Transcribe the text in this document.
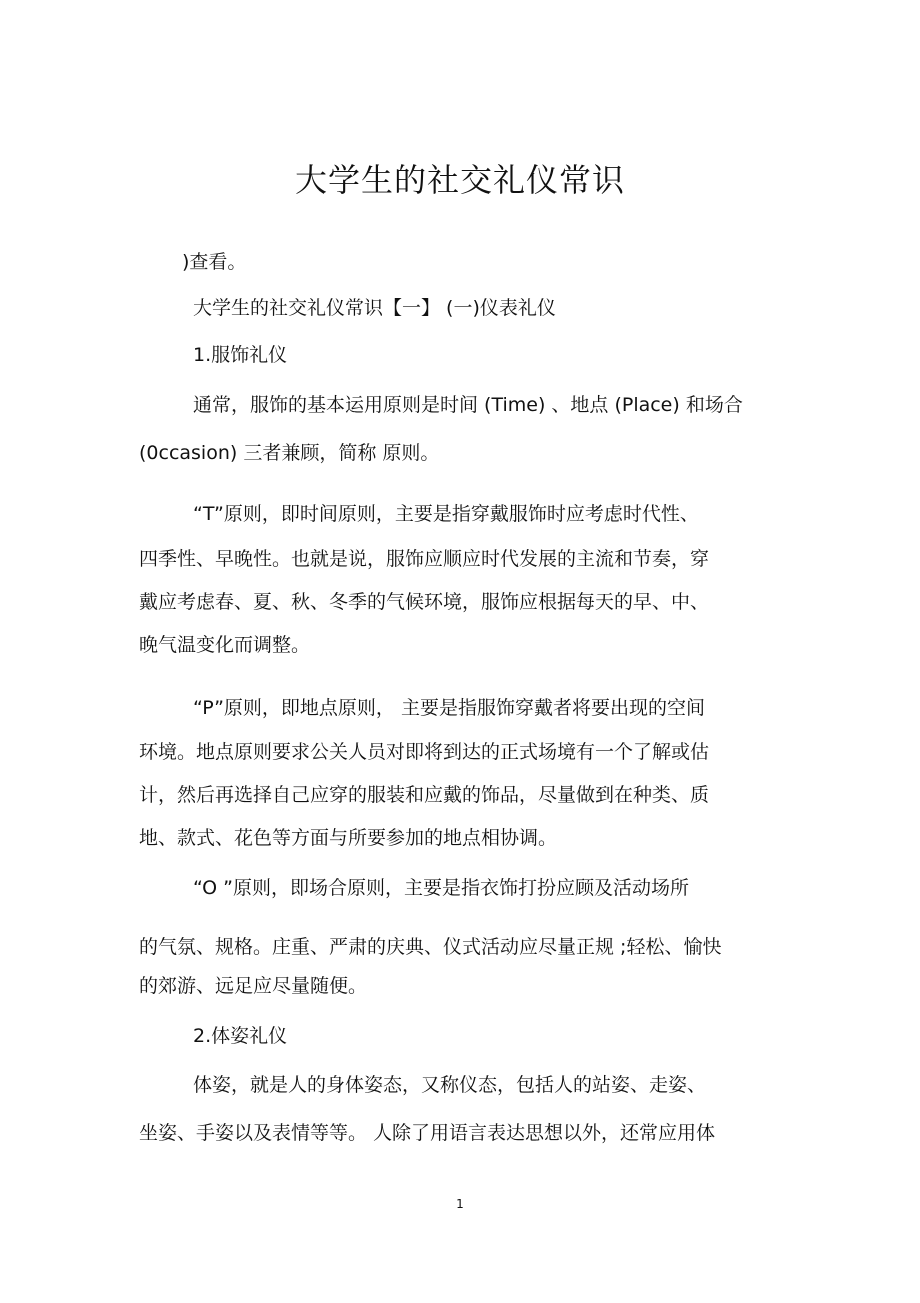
大学生的社交礼仪常识
)查看。
大学生的社交礼仪常识【一】 (一)仪表礼仪
1.服饰礼仪
通常，服饰的基本运用原则是时间 (Time) 、地点 (Place) 和场合
(0ccasion) 三者兼顾，简称 原则。
“T”原则，即时间原则，主要是指穿戴服饰时应考虑时代性、
四季性、早晚性。也就是说，服饰应顺应时代发展的主流和节奏，穿
戴应考虑春、夏、秋、冬季的气候环境，服饰应根据每天的早、中、
晚气温变化而调整。
“P”原则，即地点原则， 主要是指服饰穿戴者将要出现的空间
环境。地点原则要求公关人员对即将到达的正式场境有一个了解或估
计，然后再选择自己应穿的服装和应戴的饰品，尽量做到在种类、质
地、款式、花色等方面与所要参加的地点相协调。
“O ”原则，即场合原则，主要是指衣饰打扮应顾及活动场所
的气氛、规格。庄重、严肃的庆典、仪式活动应尽量正规 ;轻松、愉快
的郊游、远足应尽量随便。
2.体姿礼仪
体姿，就是人的身体姿态，又称仪态，包括人的站姿、走姿、
坐姿、手姿以及表情等等。 人除了用语言表达思想以外，还常应用体
1
